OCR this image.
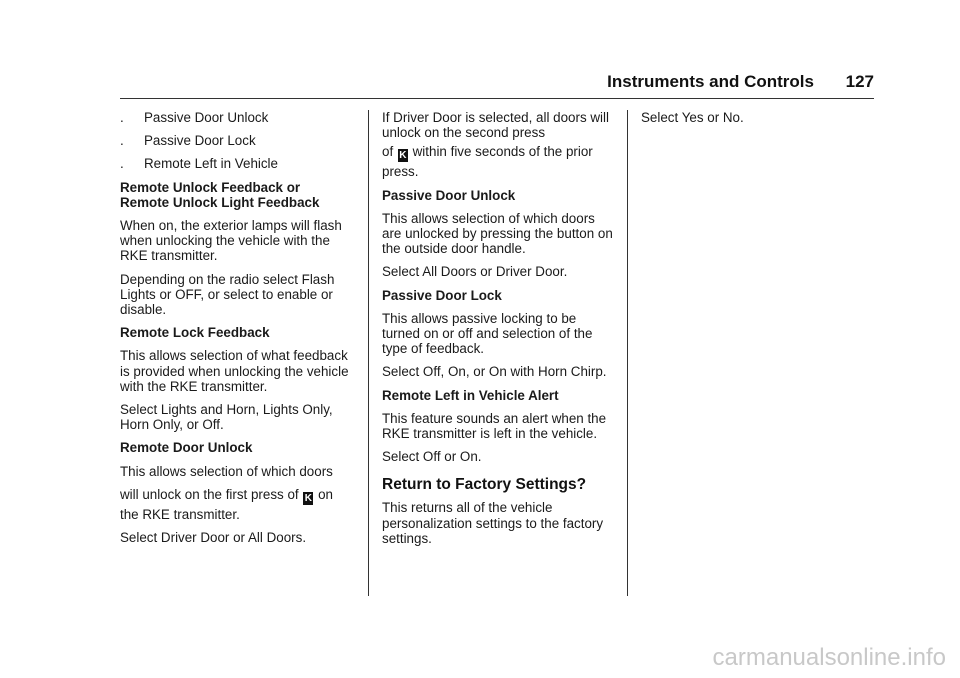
Instruments and Controls 127
.	Passive Door Unlock
.	Passive Door Lock
.	Remote Left in Vehicle

Remote Unlock Feedback or
Remote Unlock Light Feedback

When on, the exterior lamps will flash when unlocking the vehicle with the RKE transmitter.

Depending on the radio select Flash Lights or OFF, or select to enable or disable.

Remote Lock Feedback

This allows selection of what feedback is provided when unlocking the vehicle with the RKE transmitter.

Select Lights and Horn, Lights Only, Horn Only, or Off.

Remote Door Unlock

This allows selection of which doors

will unlock on the first press of K on

the RKE transmitter.

Select Driver Door or All Doors.

If Driver Door is selected, all doors will unlock on the second press

of K within five seconds of the prior

press.

Passive Door Unlock

This allows selection of which doors are unlocked by pressing the button on the outside door handle.

Select All Doors or Driver Door.

Passive Door Lock

This allows passive locking to be turned on or off and selection of the type of feedback.

Select Off, On, or On with Horn Chirp.

Remote Left in Vehicle Alert

This feature sounds an alert when the RKE transmitter is left in the vehicle.

Select Off or On.

Return to Factory Settings?

This returns all of the vehicle personalization settings to the factory settings.

Select Yes or No.

carmanualsonline.info
